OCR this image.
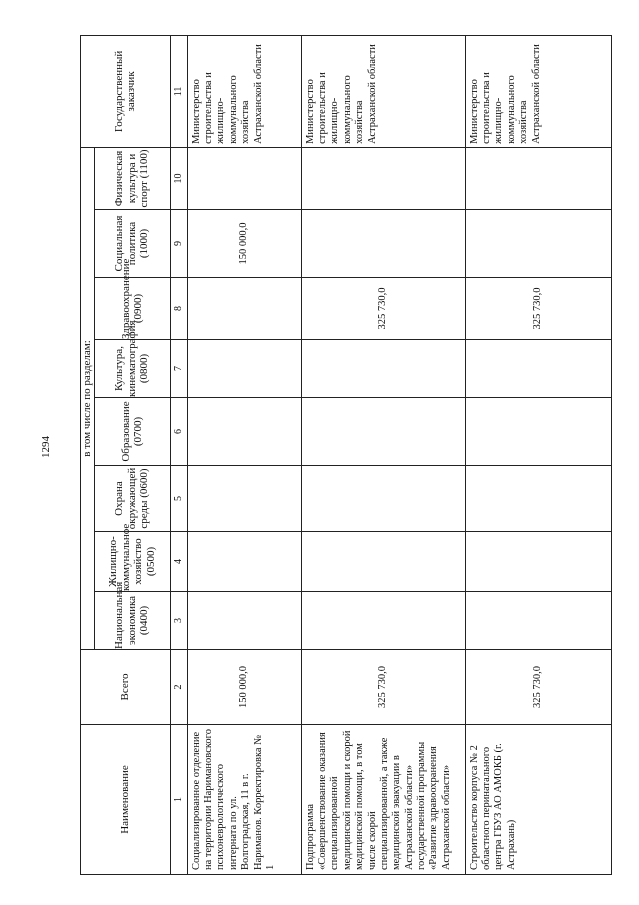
1294
Наименование	Всего	в том числе по разделам:								Государственный заказчик
		Национальная экономика (0400)	Жилищно-коммунальное хозяйство (0500)	Охрана окружающей среды (0600)	Образование (0700)	Культура, кинематография (0800)	Здравоохранение (0900)	Социальная политика (1000)	Физическая культура и спорт (1100)	
1	2	3	4	5	6	7	8	9	10	11
Социализированное отделение на территории Наримановского психоневрологического интерната по ул. Волгоградская, 11 в г. Нариманов. Корректировка № 1	150 000,0							150 000,0		Министерство строительства и жилищно-коммунального хозяйства Астраханской области
Подпрограмма «Совершенствование оказания специализированной медицинской помощи и скорой медицинской помощи, в том числе скорой специализированной, а также медицинской эвакуации в Астраханской области» государственной программы «Развитие здравоохранения Астраханской области»	325 730,0						325 730,0			Министерство строительства и жилищно-коммунального хозяйства Астраханской области
Строительство корпуса № 2 областного перинатального центра ГБУЗ АО АМОКБ (г. Астрахань)	325 730,0						325 730,0			Министерство строительства и жилищно-коммунального хозяйства Астраханской области
